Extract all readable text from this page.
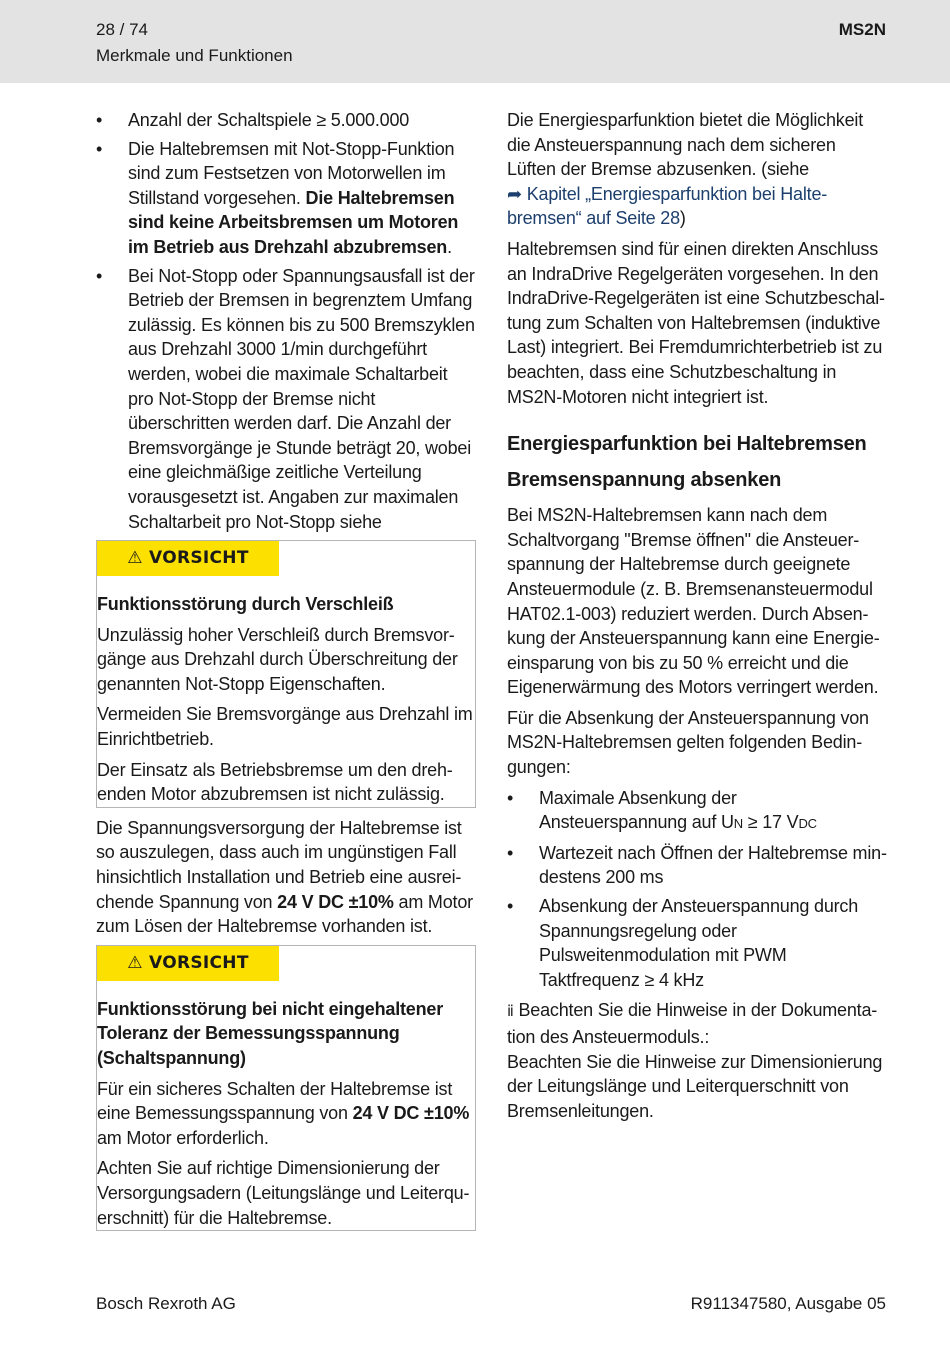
28 / 74
Merkmale und Funktionen
MS2N
• Anzahl der Schaltspiele ≥ 5.000.000
• Die Haltebremsen mit Not-Stopp-Funktion sind zum Festsetzen von Motorwellen im Stillstand vorgesehen. Die Haltebremsen sind keine Arbeitsbremsen um Motoren im Betrieb aus Drehzahl abzubremsen.
• Bei Not-Stopp oder Spannungsausfall ist der Betrieb der Bremsen in begrenztem Umfang zulässig. Es können bis zu 500 Bremszyklen aus Drehzahl 3000 1/min durchgeführt werden, wobei die maximale Schaltarbeit pro Not-Stopp der Bremse nicht überschritten werden darf. Die Anzahl der Bremsvorgänge je Stunde beträgt 20, wobei eine gleichmäßige zeitliche Verteilung vorausgesetzt ist. Angaben zur maximalen Schaltarbeit pro Not-Stopp siehe
⚠ VORSICHT
Funktionsstörung durch Verschleiß

Unzulässig hoher Verschleiß durch Bremsvorgänge aus Drehzahl durch Überschreitung der genannten Not-Stopp Eigenschaften.

Vermeiden Sie Bremsvorgänge aus Drehzahl im Einrichtbetrieb.

Der Einsatz als Betriebsbremse um den drehenden Motor abzubremsen ist nicht zulässig.

Die Spannungsversorgung der Haltebremse ist so auszulegen, dass auch im ungünstigen Fall hinsichtlich Installation und Betrieb eine ausreichende Spannung von 24 V DC ±10% am Motor zum Lösen der Haltebremse vorhanden ist.

⚠ VORSICHT
Funktionsstörung bei nicht eingehaltener Toleranz der Bemessungsspannung (Schaltspannung)

Für ein sicheres Schalten der Haltebremse ist eine Bemessungsspannung von 24 V DC ±10% am Motor erforderlich.

Achten Sie auf richtige Dimensionierung der Versorgungsadern (Leitungslänge und Leiterquerschnitt) für die Haltebremse.

Die Energiesparfunktion bietet die Möglichkeit die Ansteuerspannung nach dem sicheren Lüften der Bremse abzusenken. (siehe
➦ Kapitel „Energiesparfunktion bei Haltebremsen“ auf Seite 28)

Haltebremsen sind für einen direkten Anschluss an IndraDrive Regelgeräten vorgesehen. In den IndraDrive-Regelgeräten ist eine Schutzbeschaltung zum Schalten von Haltebremsen (induktive Last) integriert. Bei Fremdumrichterbetrieb ist zu beachten, dass eine Schutzbeschaltung in MS2N-Motoren nicht integriert ist.

Energiesparfunktion bei Haltebremsen
Bremsenspannung absenken

Bei MS2N-Haltebremsen kann nach dem Schaltvorgang "Bremse öffnen" die Ansteuerspannung der Haltebremse durch geeignete Ansteuermodule (z. B. Bremsenansteuermodul HAT02.1-003) reduziert werden. Durch Absenkung der Ansteuerspannung kann eine Energieeinsparung von bis zu 50 % erreicht und die Eigenerwärmung des Motors verringert werden.

Für die Absenkung der Ansteuerspannung von MS2N-Haltebremsen gelten folgenden Bedingungen:

• Maximale Absenkung der Ansteuerspannung auf UN ≥ 17 VDC
• Wartezeit nach Öffnen der Haltebremse mindestens 200 ms
• Absenkung der Ansteuerspannung durch Spannungsregelung oder Pulsweitenmodulation mit PWM Taktfrequenz ≥ 4 kHz

ⅱ Beachten Sie die Hinweise in der Dokumentation des Ansteuermoduls.:
Beachten Sie die Hinweise zur Dimensionierung der Leitungslänge und Leiterquerschnitt von Bremsenleitungen.

Bosch Rexroth AG	R911347580, Ausgabe 05
